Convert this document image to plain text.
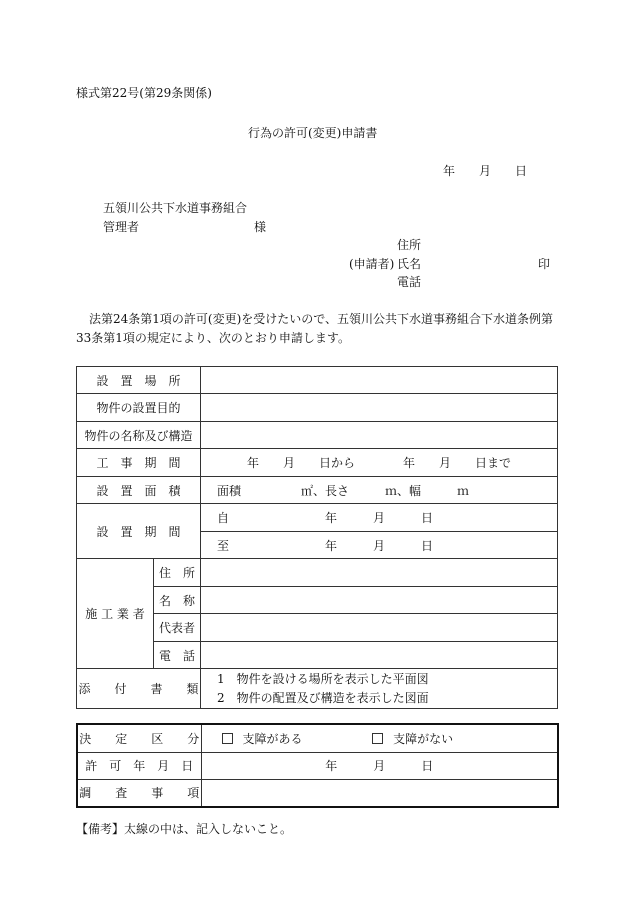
様式第22号(第29条関係)
行為の許可(変更)申請書
年　　月　　日
五領川公共下水道事務組合
管理者	様
住所
(申請者) 氏名	印
電話
法第24条第1項の許可(変更)を受けたいので、五領川公共下水道事務組合下水道条例第
33条第1項の規定により、次のとおり申請します。
設　置　場　所		
物件の設置目的		
物件の名称及び構造		
工　事　期　間		年　　月　　日から　　　　年　　月　　日まで
設　置　面　積		面積　　　　　㎡、長さ　　　ｍ、幅　　　ｍ
設　置　期　間		自　　　　　　　　年　　　月　　　日
		至　　　　　　　　年　　　月　　　日
施 工 業 者	住　所	
	名　称	
	代表者	
	電　話	
添　　付　　書　　類		1　物件を設ける場所を表示した平面図
2　物件の配置及び構造を表示した図面
決　　定　　区　　分	支障がある 支障がない
許　可　年　月　日	年　　　月　　　日
調　　査　　事　　項	
【備考】太線の中は、記入しないこと。
